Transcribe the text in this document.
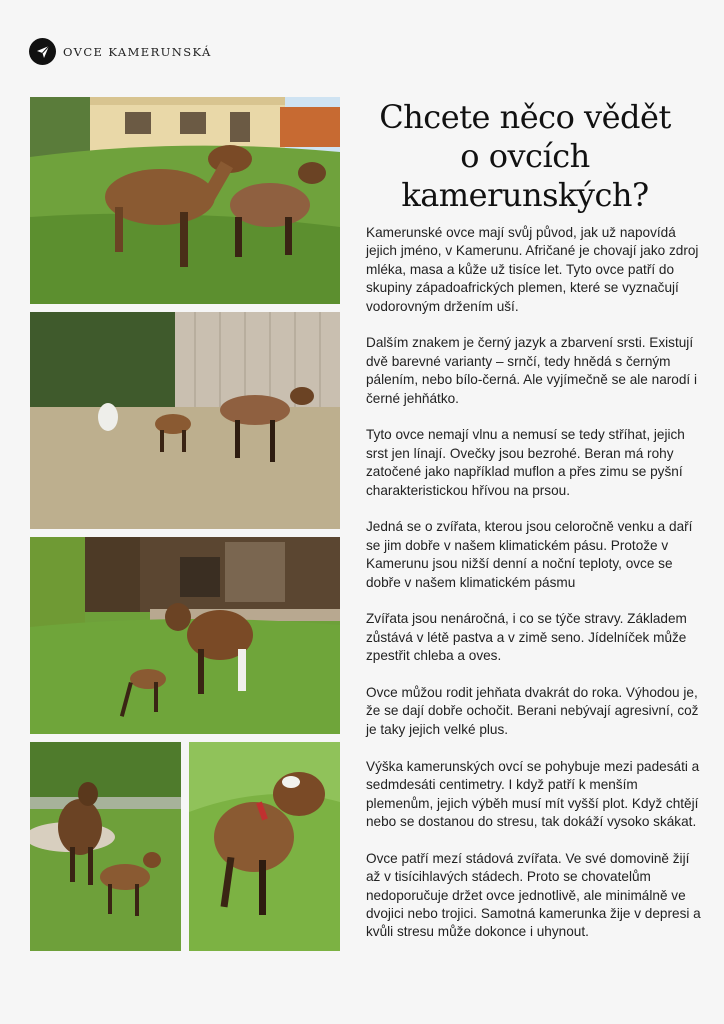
OVCE KAMERUNSKÁ
Chcete něco vědět
o ovcích
kamerunských?

Kamerunské ovce mají svůj původ, jak už napovídá jejich jméno, v Kamerunu. Afričané je chovají jako zdroj mléka, masa a kůže už tisíce let. Tyto ovce patří do skupiny západoafrických plemen, které se vyznačují vodorovným držením uší.

Dalším znakem je černý jazyk a zbarvení srsti. Existují dvě barevné varianty – srnčí, tedy hnědá s černým pálením, nebo bílo-černá. Ale vyjímečně se ale narodí i černé jehňátko.

Tyto ovce nemají vlnu a nemusí se tedy stříhat, jejich srst jen línají. Ovečky jsou bezrohé. Beran má rohy zatočené jako například muflon a přes zimu se pyšní charakteristickou hřívou na prsou.

Jedná se o zvířata, kterou jsou celoročně venku a daří se jim dobře v našem klimatickém pásu. Protože v Kamerunu jsou nižší denní a noční teploty, ovce se dobře v našem klimatickém pásmu

Zvířata jsou nenáročná, i co se týče stravy. Základem zůstává v létě pastva a v zimě seno. Jídelníček může zpestřit chleba a oves.

Ovce můžou rodit jehňata dvakrát do roka. Výhodou je, že se dají dobře ochočit. Berani nebývají agresivní, což je taky jejich velké plus.

Výška kamerunských ovcí se pohybuje mezi padesáti a sedmdesáti centimetry. I když patří k menším plemenům, jejich výběh musí mít vyšší plot. Když chtějí nebo se dostanou do stresu, tak dokáží vysoko skákat.

Ovce patří mezí stádová zvířata. Ve své domovině žijí až v tisícihlavých stádech. Proto se chovatelům nedoporučuje držet ovce jednotlivě, ale minimálně ve dvojici nebo trojici. Samotná kamerunka žije v depresi a kvůli stresu může dokonce i uhynout.
